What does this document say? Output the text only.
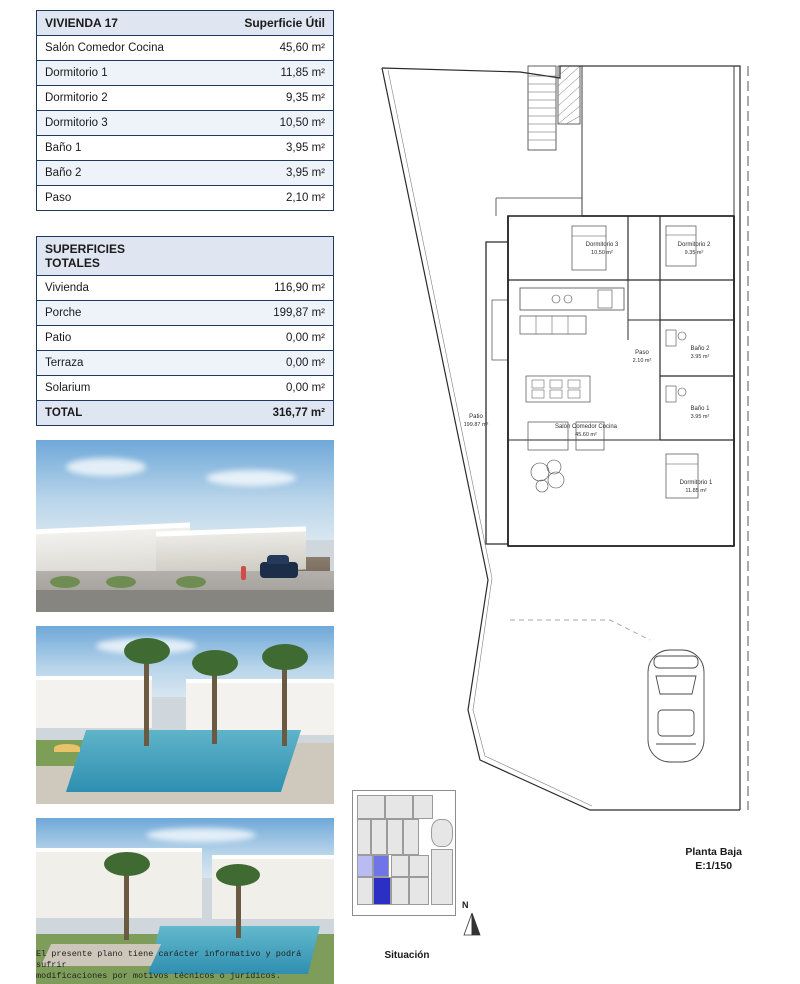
VIVIENDA 17	Superficie Útil
Salón Comedor Cocina	45,60 m²
Dormitorio 1	11,85 m²
Dormitorio 2	9,35 m²
Dormitorio 3	10,50 m²
Baño 1	3,95 m²
Baño 2	3,95 m²
Paso	2,10 m²
SUPERFICIES TOTALES	
Vivienda	116,90 m²
Porche	199,87 m²
Patio	0,00 m²
Terraza	0,00 m²
Solarium	0,00 m²
TOTAL	316,77 m²
El presente plano tiene carácter informativo y podrá sufrir
modificaciones por motivos técnicos o jurídicos.
Situación
N
Patio
199.87 m²	Salón Comedor Cocina
45.60 m²
Dormitorio 1
11.85 m²
Dormitorio 2
9.35 m²
Dormitorio 3
10.50 m²
Baño 1
3.95 m²
Baño 2
3.95 m²
Paso
2.10 m²
Planta Baja
E:1/150
